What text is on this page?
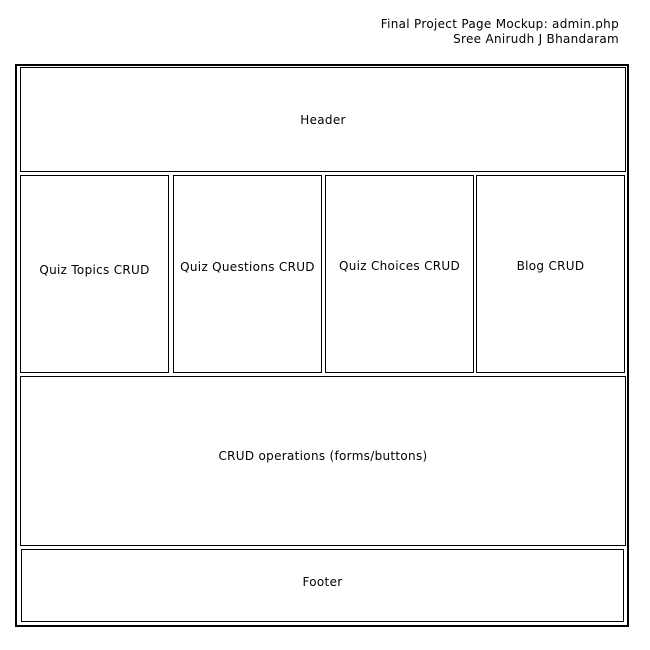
Final Project Page Mockup: admin.php
Sree Anirudh J Bhandaram
Header
Quiz Topics CRUD	Quiz Questions CRUD Quiz Choices CRUD	Blog CRUD
CRUD operations (forms/buttons)
Footer
